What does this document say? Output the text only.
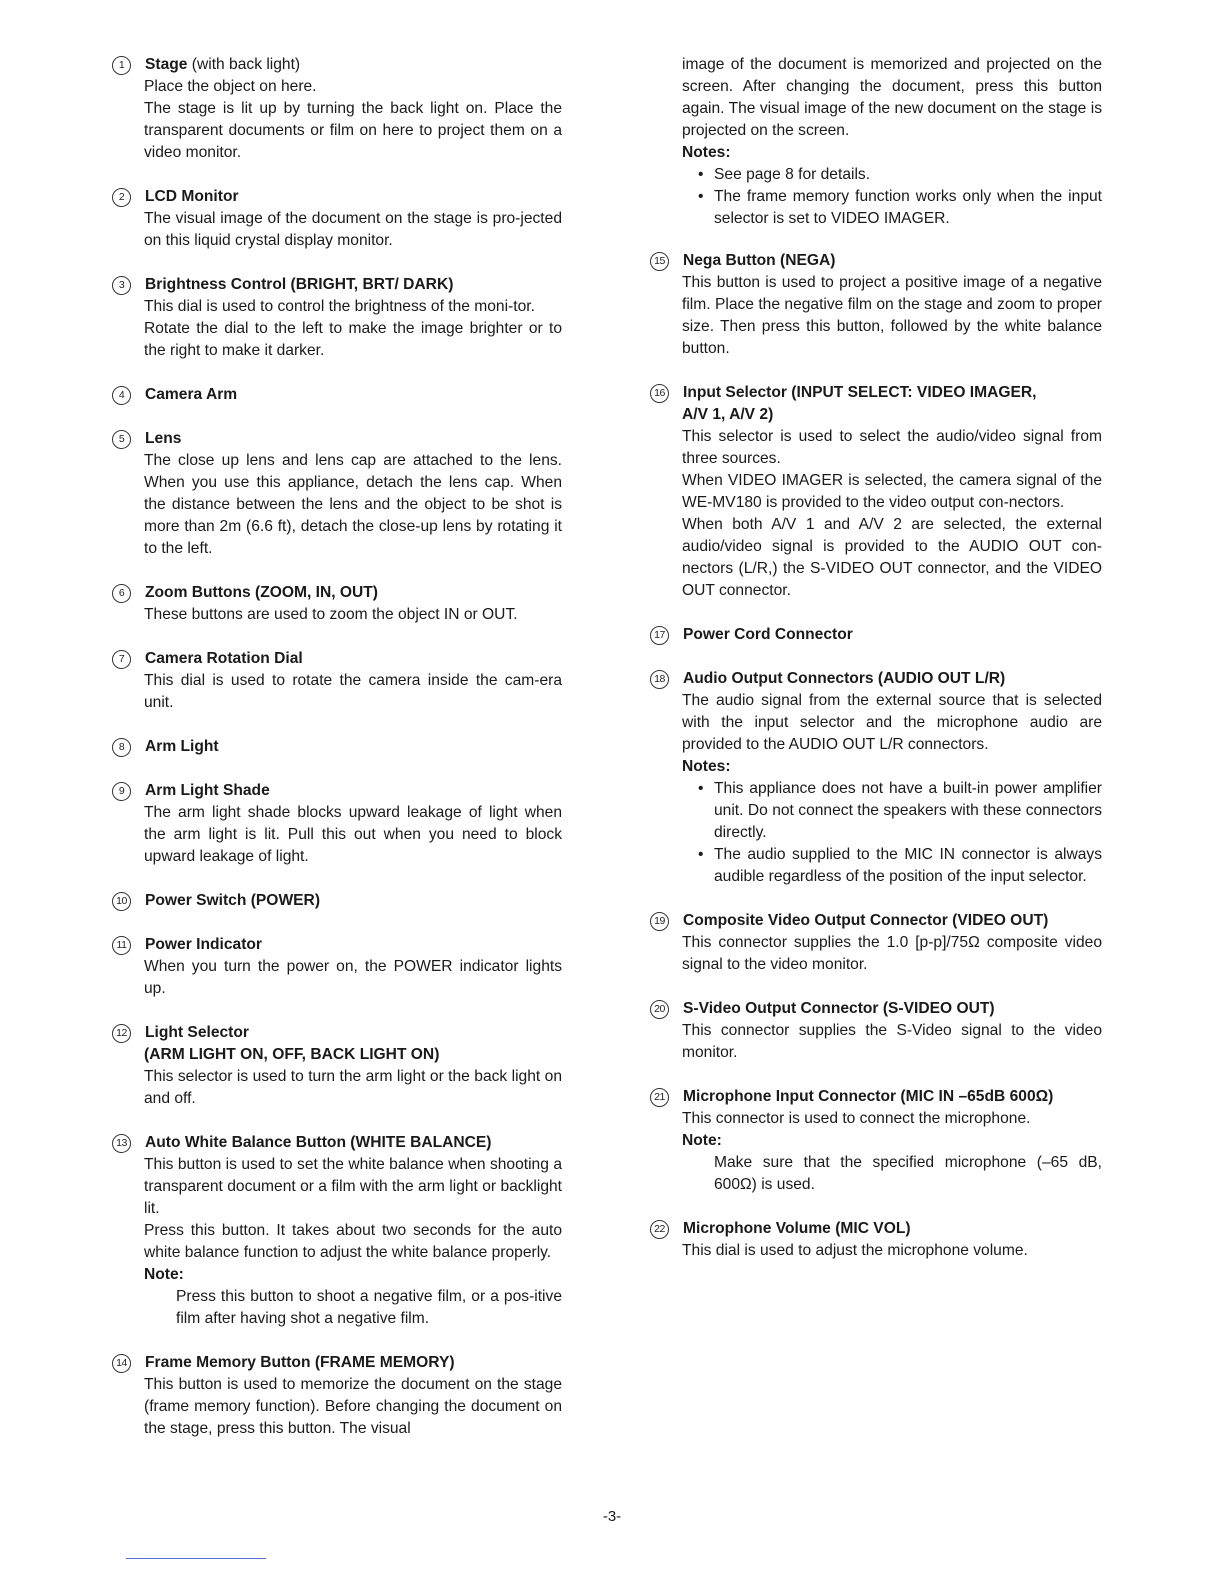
1	Stage (with back light)

Place the object on here.

The stage is lit up by turning the back light on. Place the transparent documents or film on here to project them on a video monitor.

2	LCD Monitor

The visual image of the document on the stage is pro-jected on this liquid crystal display monitor.

3	Brightness Control (BRIGHT, BRT/ DARK)

This dial is used to control the brightness of the moni-tor.

Rotate the dial to the left to make the image brighter or to the right to make it darker.

4	Camera Arm
5	Lens

The close up lens and lens cap are attached to the lens. When you use this appliance, detach the lens cap. When the distance between the lens and the object to be shot is more than 2m (6.6 ft), detach the close-up lens by rotating it to the left.

6	Zoom Buttons (ZOOM, IN, OUT)

These buttons are used to zoom the object IN or OUT.

7	Camera Rotation Dial

This dial is used to rotate the camera inside the cam-era unit.

8	Arm Light
9	Arm Light Shade

The arm light shade blocks upward leakage of light when the arm light is lit. Pull this out when you need to block upward leakage of light.

10 Power Switch (POWER)
11 Power Indicator

When you turn the power on, the POWER indicator lights up.

12 Light Selector
(ARM LIGHT ON, OFF, BACK LIGHT ON)

This selector is used to turn the arm light or the back light on and off.

13 Auto White Balance Button (WHITE BALANCE)

This button is used to set the white balance when shooting a transparent document or a film with the arm light or backlight lit.

Press this button. It takes about two seconds for the auto white balance function to adjust the white balance properly.

Note:
Press this button to shoot a negative film, or a pos-itive film after having shot a negative film.
14 Frame Memory Button (FRAME MEMORY)

This button is used to memorize the document on the stage (frame memory function). Before changing the document on the stage, press this button. The visual

image of the document is memorized and projected on the screen. After changing the document, press this button again. The visual image of the new document on the stage is projected on the screen.
Notes:
• See page 8 for details.
• The frame memory function works only when the input selector is set to VIDEO IMAGER.
15 Nega Button (NEGA)

This button is used to project a positive image of a negative film. Place the negative film on the stage and zoom to proper size. Then press this button, followed by the white balance button.

16 Input Selector (INPUT SELECT: VIDEO IMAGER,
A/V 1, A/V 2)

This selector is used to select the audio/video signal from three sources.

When VIDEO IMAGER is selected, the camera signal of the WE-MV180 is provided to the video output con-nectors.

When both A/V 1 and A/V 2 are selected, the external audio/video signal is provided to the AUDIO OUT con-nectors (L/R,) the S-VIDEO OUT connector, and the VIDEO OUT connector.

17 Power Cord Connector
18 Audio Output Connectors (AUDIO OUT L/R)

The audio signal from the external source that is selected with the input selector and the microphone audio are provided to the AUDIO OUT L/R connectors.

Notes:
• This appliance does not have a built-in power amplifier unit. Do not connect the speakers with these connectors directly.
• The audio supplied to the MIC IN connector is always audible regardless of the position of the input selector.
19 Composite Video Output Connector (VIDEO OUT)

This connector supplies the 1.0 [p-p]/75Ω composite video signal to the video monitor.

20 S-Video Output Connector (S-VIDEO OUT)

This connector supplies the S-Video signal to the video monitor.

21 Microphone Input Connector (MIC IN –65dB 600Ω)

This connector is used to connect the microphone.

Note:
Make sure that the specified microphone (–65 dB, 600Ω) is used.
22 Microphone Volume (MIC VOL)

This dial is used to adjust the microphone volume.

-3-
